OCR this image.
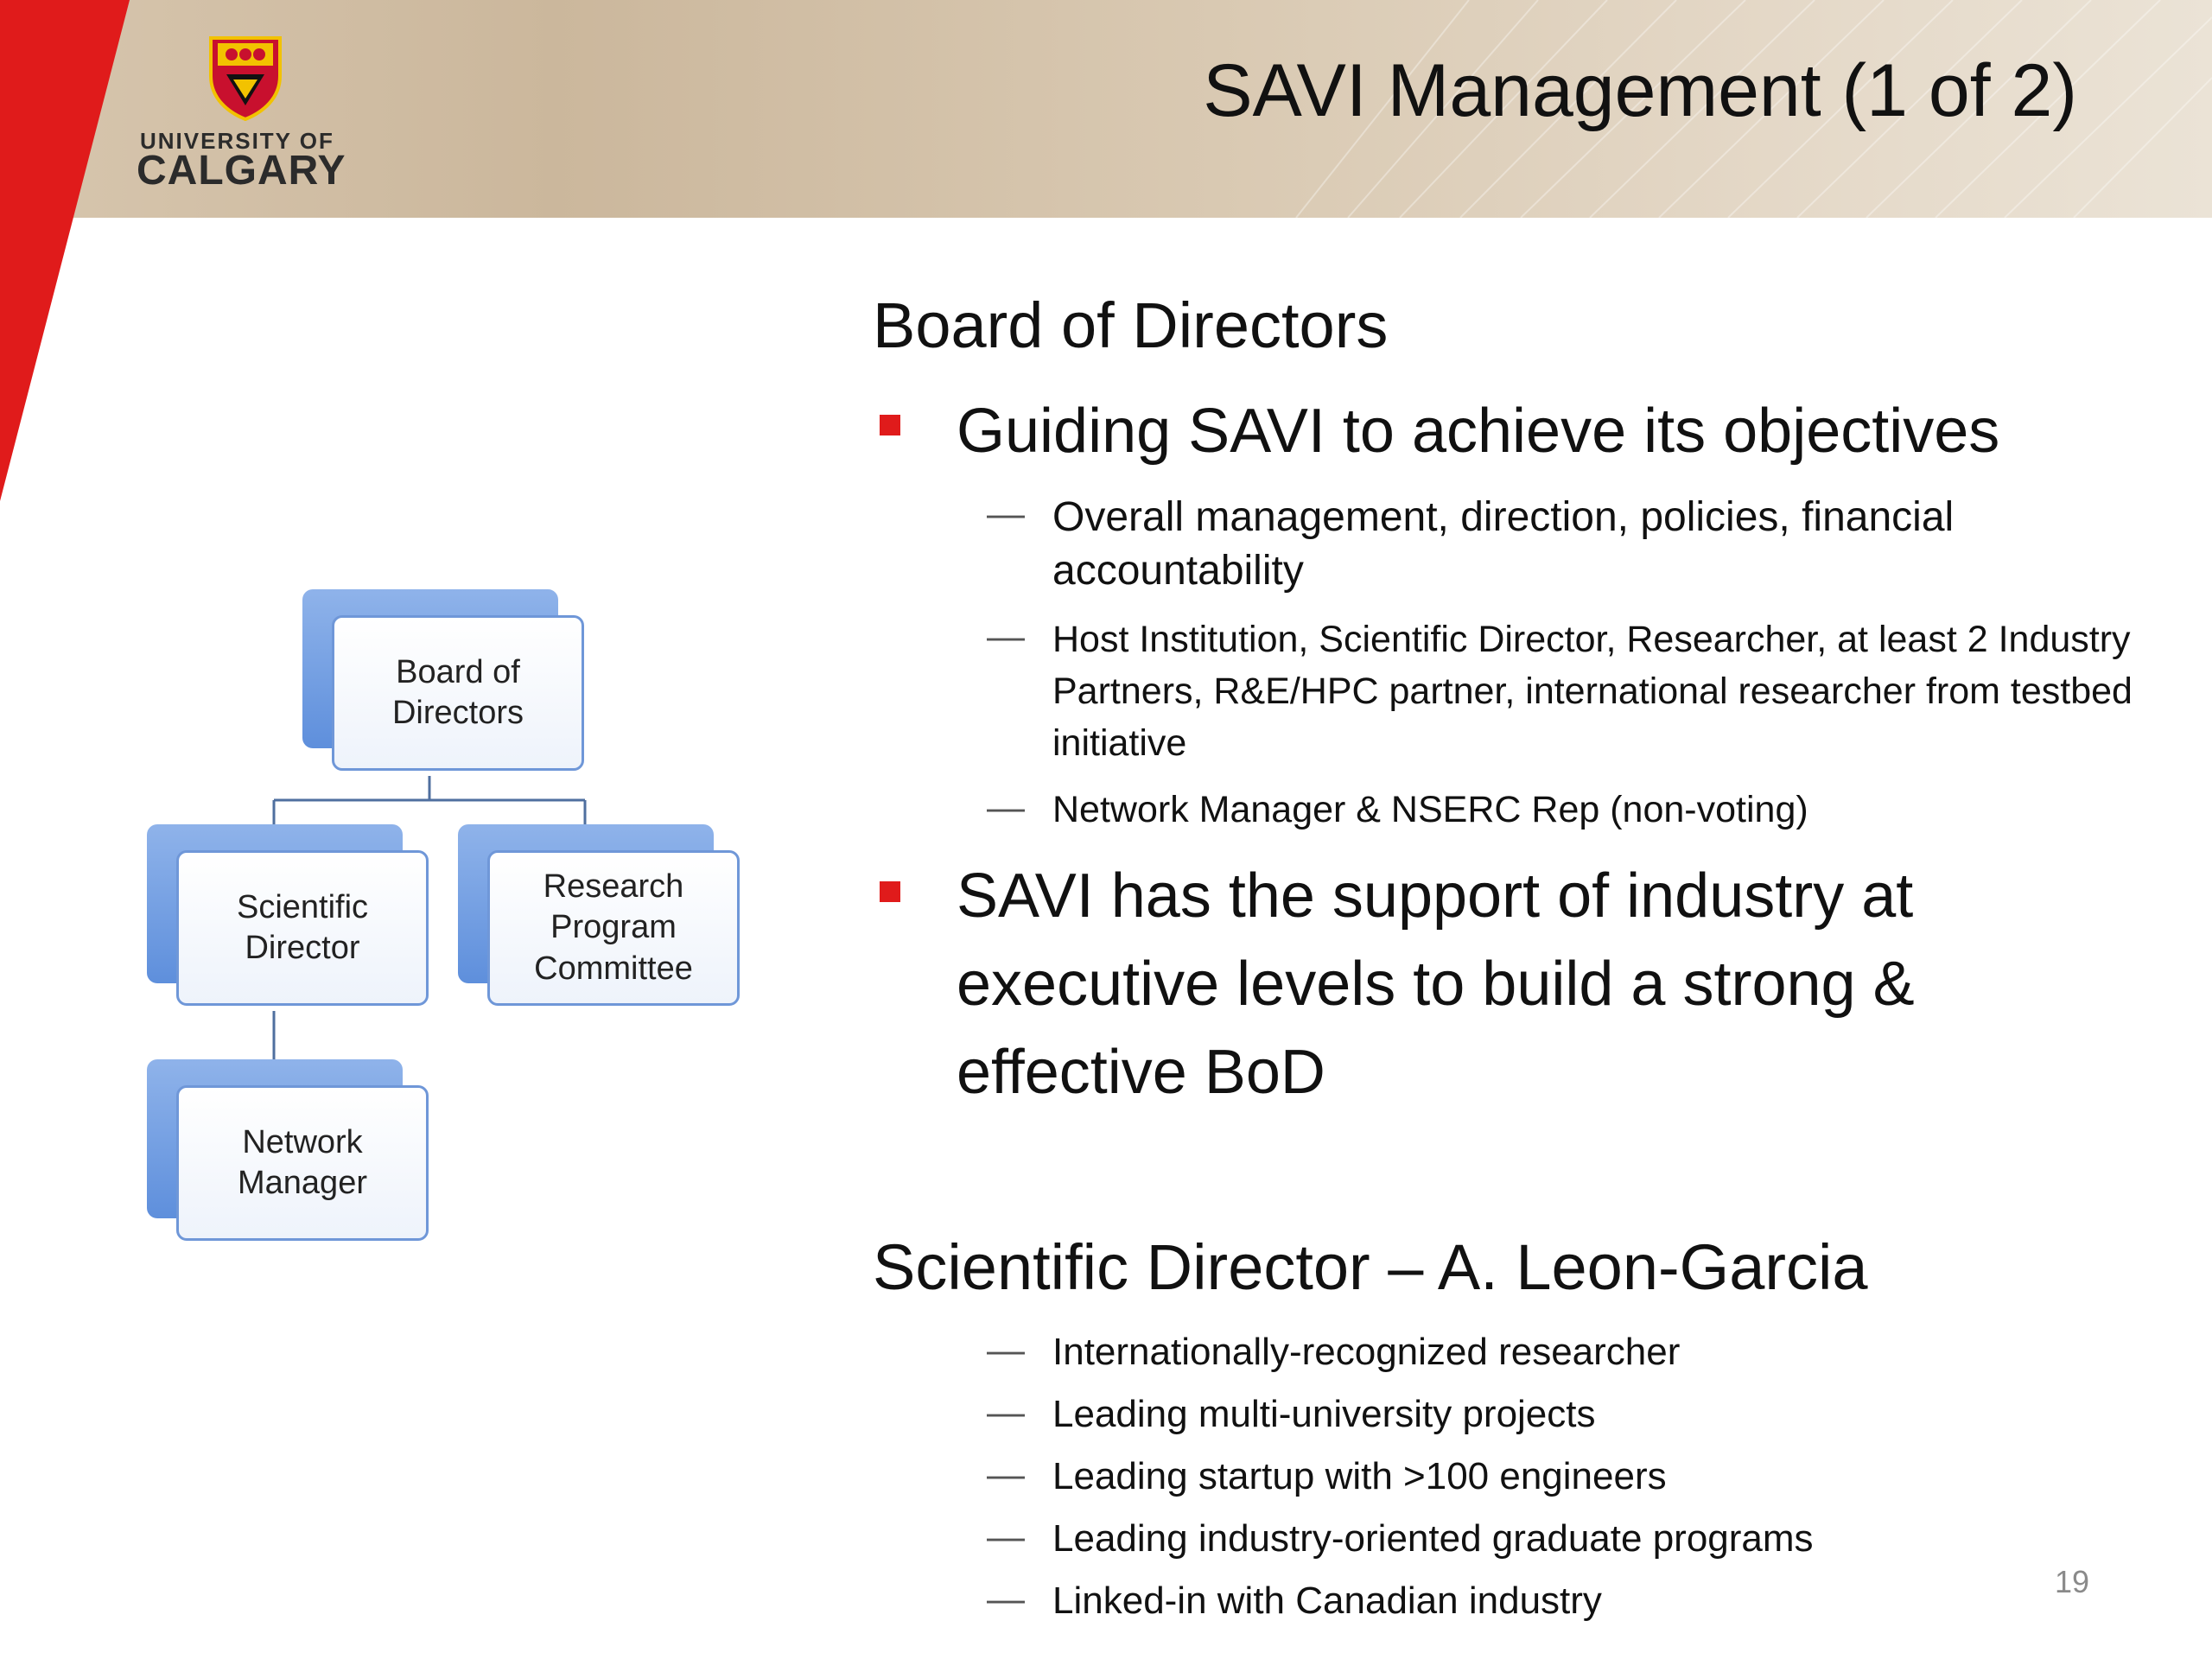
UNIVERSITY OF
CALGARY
SAVI Management (1 of 2)
Board of Directors
Scientific Director
Research Program Committee
Network Manager
Board of Directors
Guiding SAVI to achieve its objectives
— Overall management, direction, policies, financial accountability
— Host Institution, Scientific Director, Researcher, at least 2 Industry Partners, R&E/HPC partner, international researcher from testbed initiative
— Network Manager & NSERC Rep (non-voting)
SAVI has the support of industry at executive levels to build a strong & effective BoD
Scientific Director – A. Leon-Garcia
— Internationally-recognized researcher
— Leading multi-university projects
— Leading startup with >100 engineers
— Leading industry-oriented graduate programs
— Linked-in with Canadian industry	19
